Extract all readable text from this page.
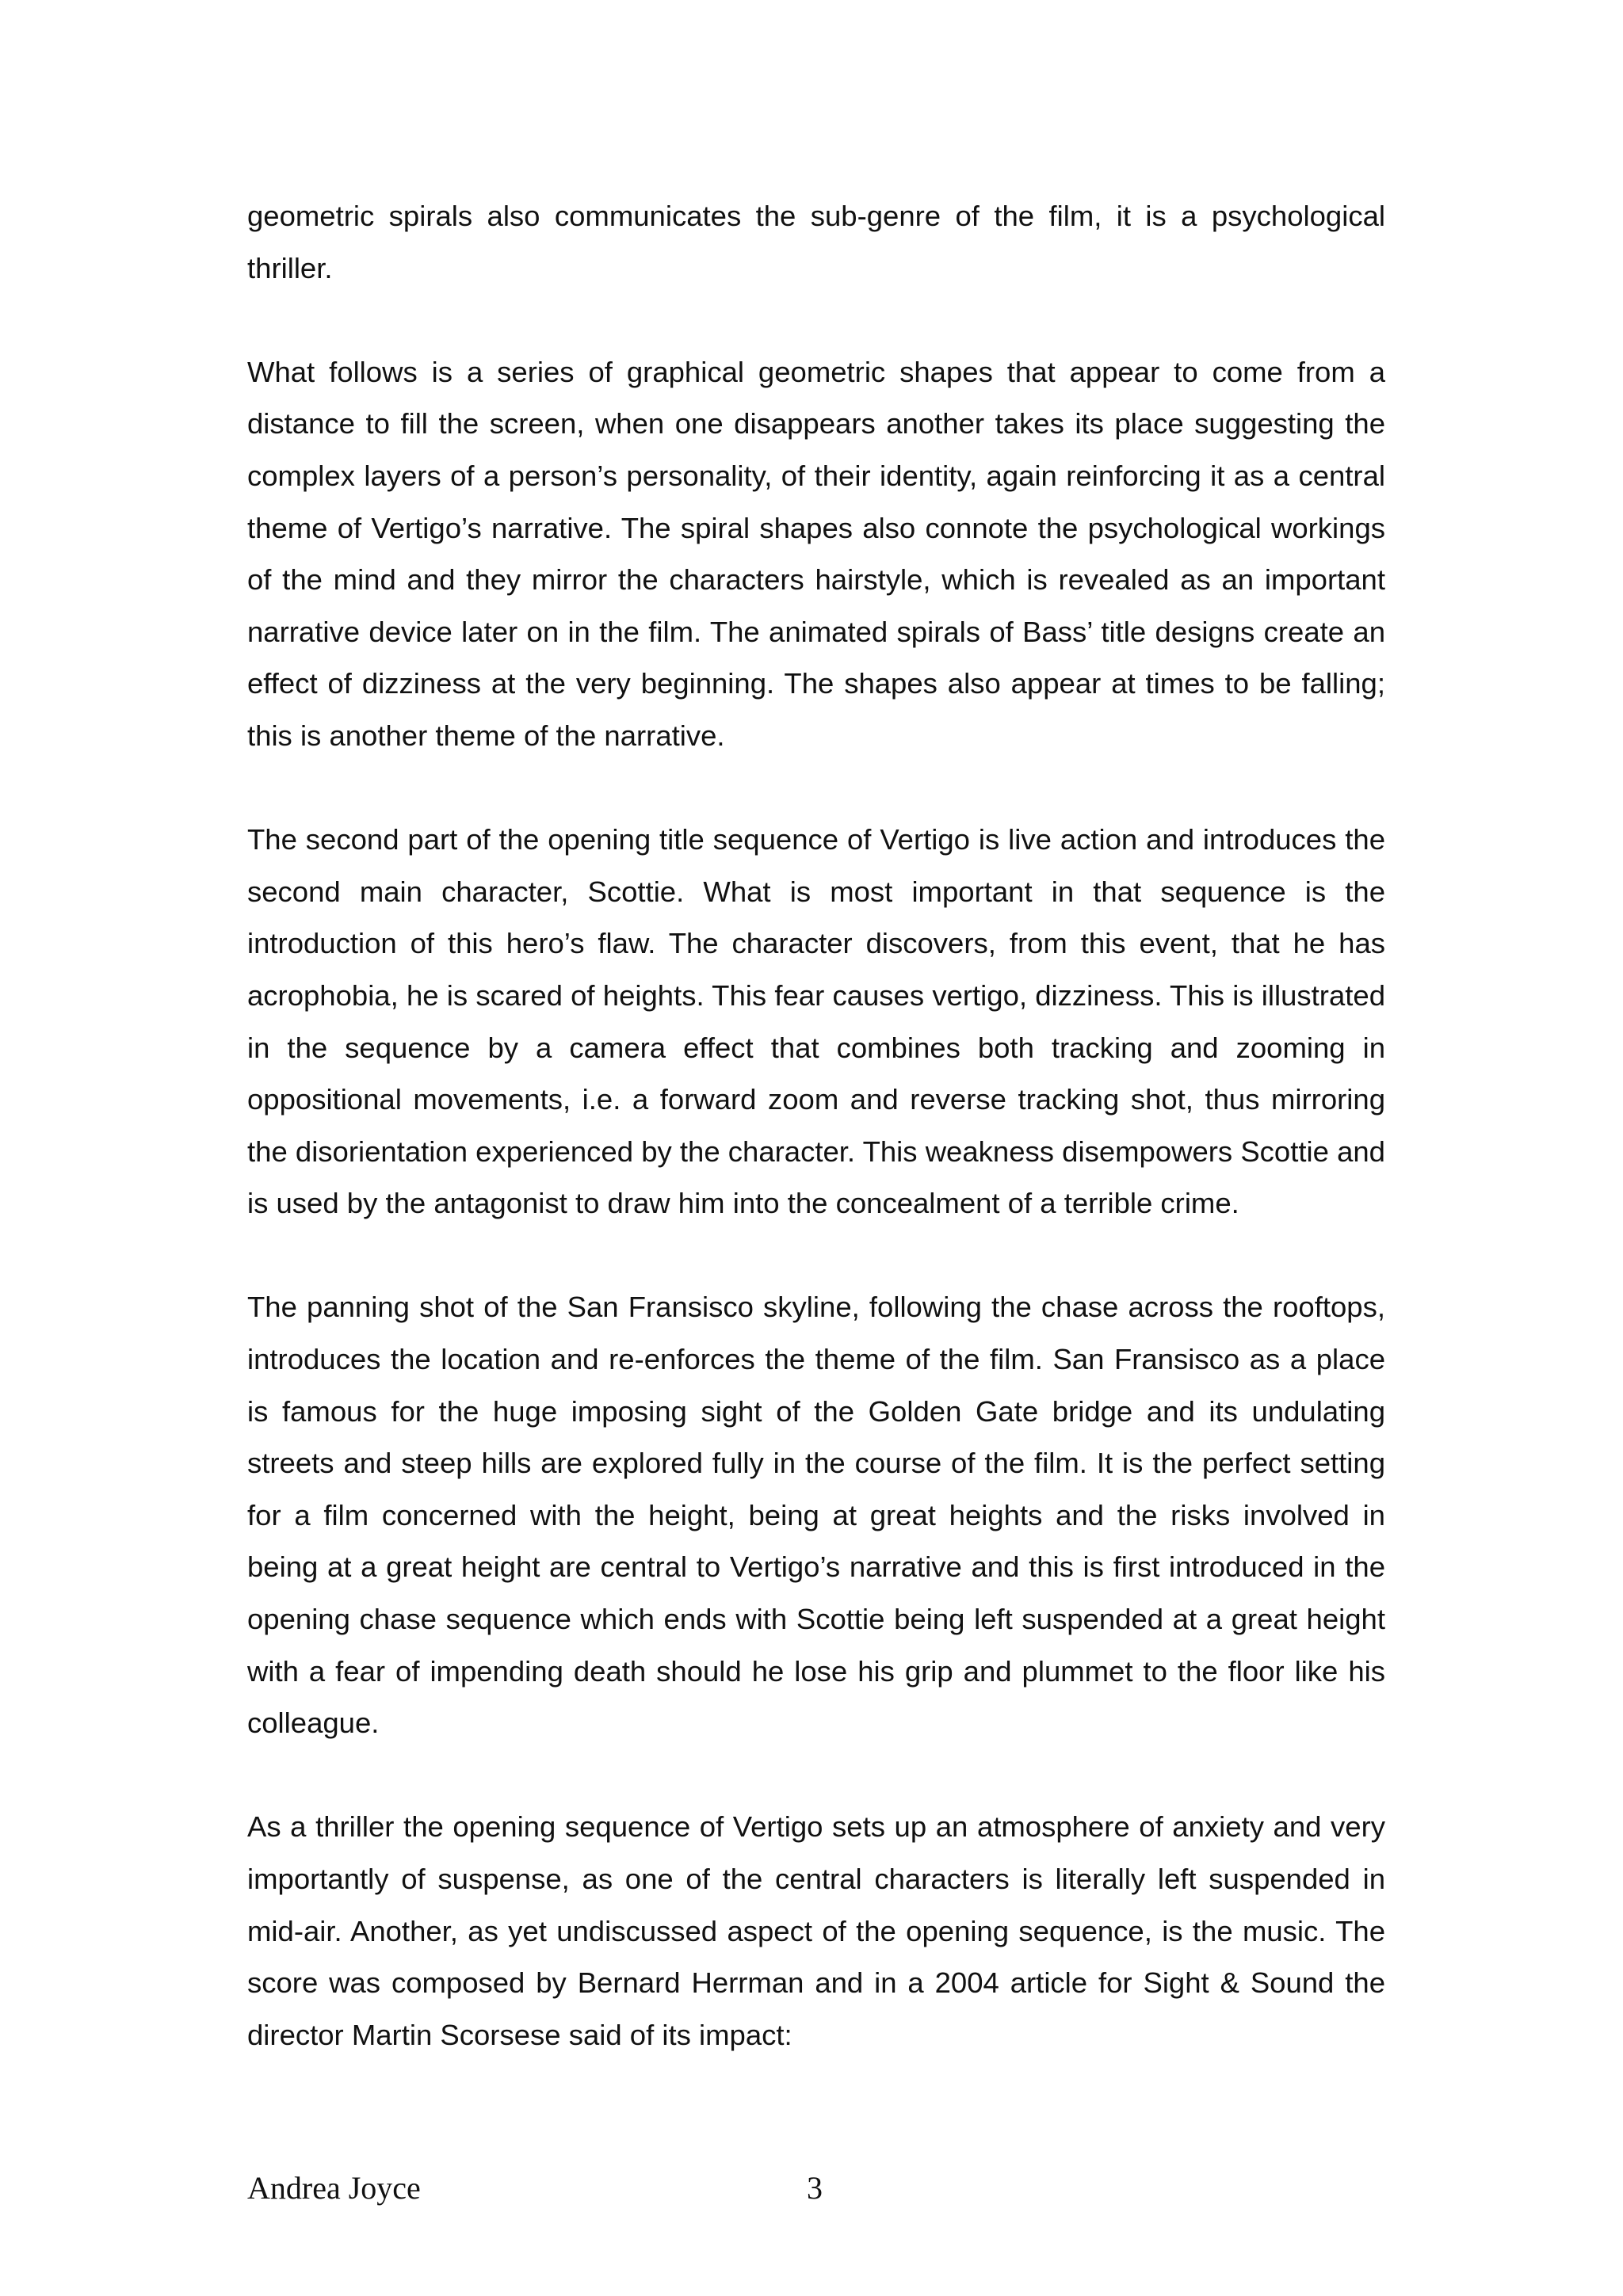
geometric spirals also communicates the sub-genre of the film, it is a psychological thriller.

What follows is a series of graphical geometric shapes that appear to come from a distance to fill the screen, when one disappears another takes its place suggesting the complex layers of a person’s personality, of their identity, again reinforcing it as a central theme of Vertigo’s narrative. The spiral shapes also connote the psychological workings of the mind and they mirror the characters hairstyle, which is revealed as an important narrative device later on in the film. The animated spirals of Bass’ title designs create an effect of dizziness at the very beginning. The shapes also appear at times to be falling; this is another theme of the narrative.

The second part of the opening title sequence of Vertigo is live action and introduces the second main character, Scottie. What is most important in that sequence is the introduction of this hero’s flaw. The character discovers, from this event, that he has acrophobia, he is scared of heights. This fear causes vertigo, dizziness. This is illustrated in the sequence by a camera effect that combines both tracking and zooming in oppositional movements, i.e. a forward zoom and reverse tracking shot, thus mirroring the disorientation experienced by the character. This weakness disempowers Scottie and is used by the antagonist to draw him into the concealment of a terrible crime.

The panning shot of the San Fransisco skyline, following the chase across the rooftops, introduces the location and re-enforces the theme of the film. San Fransisco as a place is famous for the huge imposing sight of the Golden Gate bridge and its undulating streets and steep hills are explored fully in the course of the film. It is the perfect setting for a film concerned with the height, being at great heights and the risks involved in being at a great height are central to Vertigo’s narrative and this is first introduced in the opening chase sequence which ends with Scottie being left suspended at a great height with a fear of impending death should he lose his grip and plummet to the floor like his colleague.

As a thriller the opening sequence of Vertigo sets up an atmosphere of anxiety and very importantly of suspense, as one of the central characters is literally left suspended in mid-air. Another, as yet undiscussed aspect of the opening sequence, is the music. The score was composed by Bernard Herrman and in a 2004 article for Sight & Sound the director Martin Scorsese said of its impact:

Andrea Joyce	3
